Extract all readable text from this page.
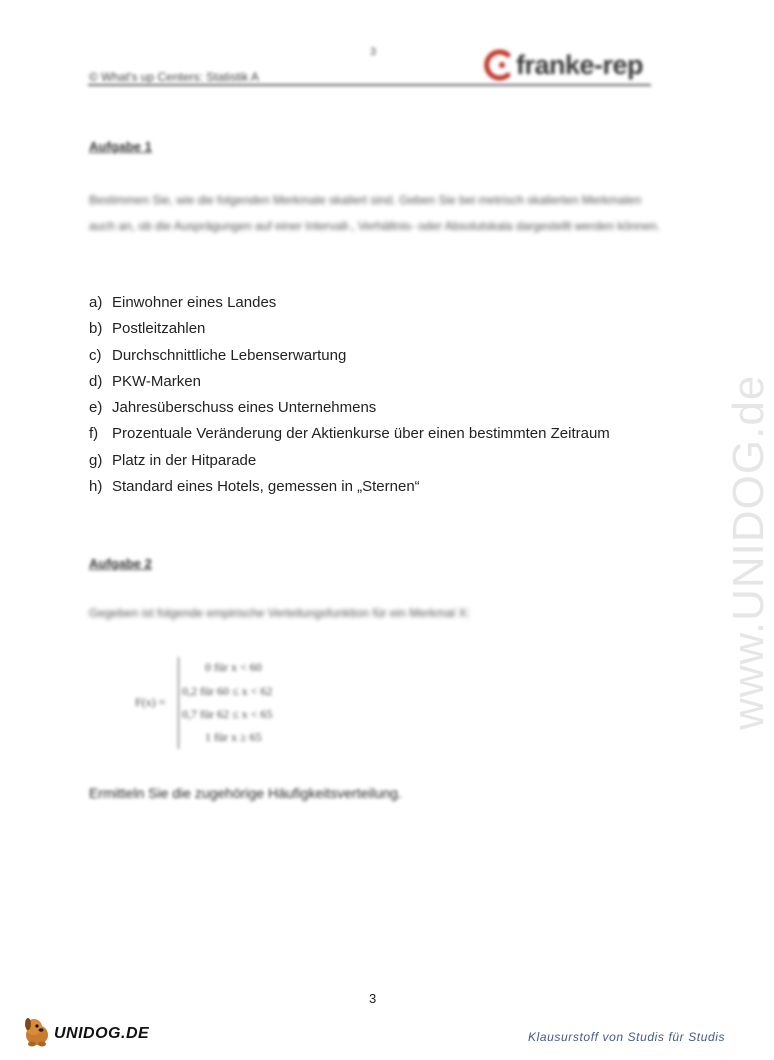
3
© What's up Centers: Statistik A	franke-rep
Aufgabe 1
Bestimmen Sie, wie die folgenden Merkmale skaliert sind. Geben Sie bei metrisch skalierten Merkmalen auch an, ob die Ausprägungen auf einer Intervall-, Verhältnis- oder Absolutskala dargestellt werden können.
a) Einwohner eines Landes
b) Postleitzahlen
c) Durchschnittliche Lebenserwartung
d) PKW-Marken
e) Jahresüberschuss eines Unternehmens
f) Prozentuale Veränderung der Aktienkurse über einen bestimmten Zeitraum
g) Platz in der Hitparade
h) Standard eines Hotels, gemessen in „Sternen“
Aufgabe 2
Gegeben ist folgende empirische Verteilungsfunktion für ein Merkmal X:
F(x) =
0 für x < 60
0,2 für 60 ≤ x < 62
0,7 für 62 ≤ x < 65
1 für x ≥ 65
Ermitteln Sie die zugehörige Häufigkeitsverteilung.
www.UNIDOG.de
3
UNIDOG.DE	Klausurstoff von Studis für Studis
